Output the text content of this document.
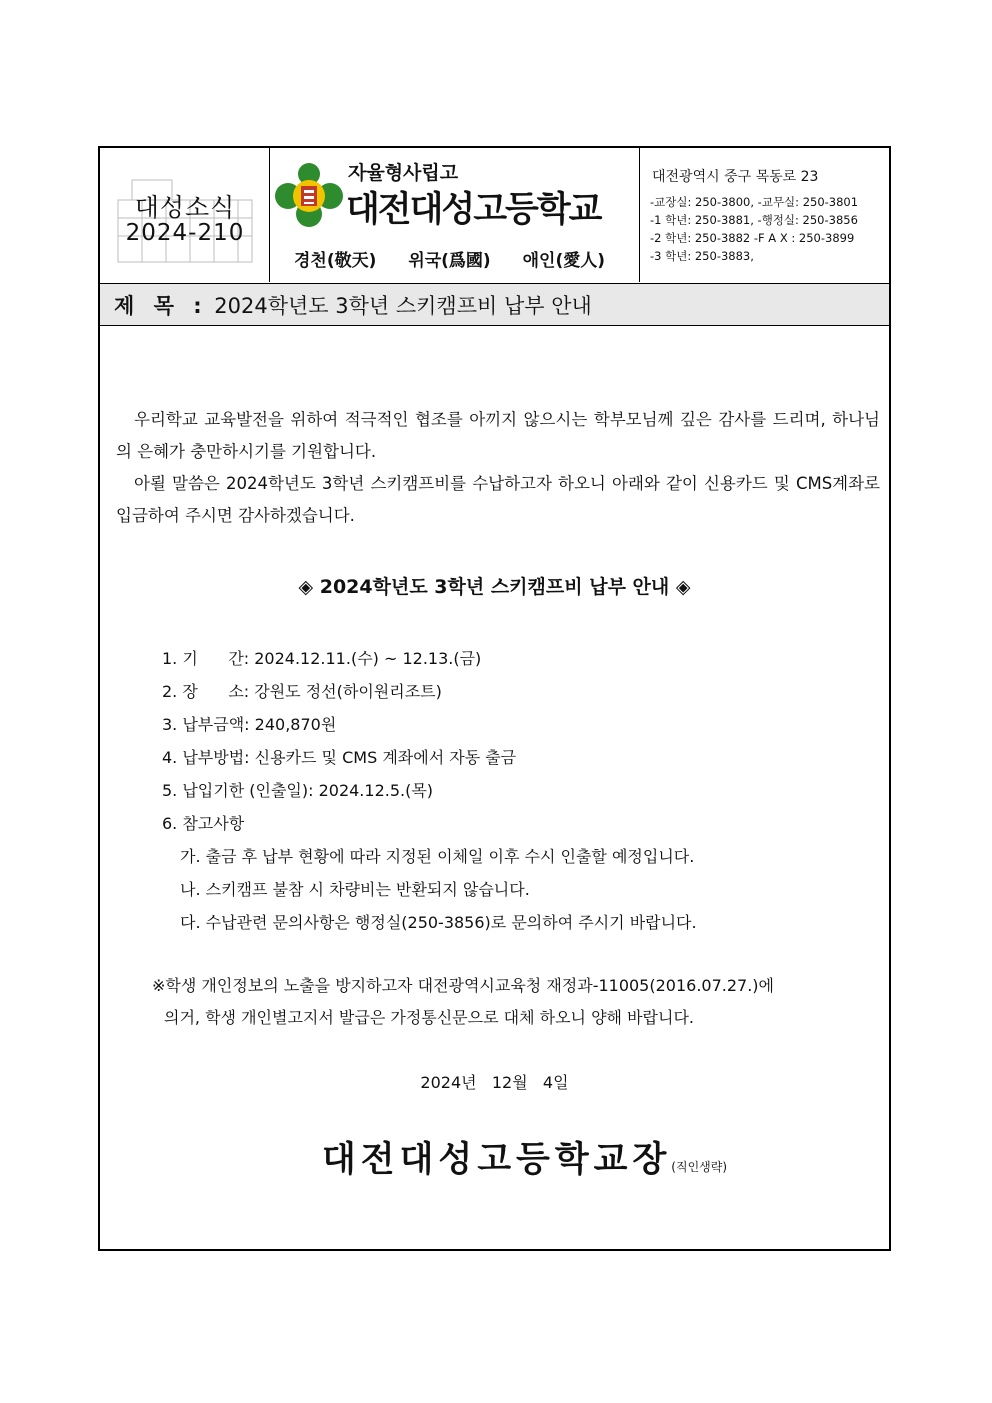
대성소식
2024-210
자율형사립고
대전대성고등학교
경천(敬天) 위국(爲國) 애인(愛人)
대전광역시 중구 목동로 23
-교장실: 250-3800, -교무실: 250-3801
-1 학년: 250-3881, -행정실: 250-3856
-2 학년: 250-3882 -F A X : 250-3899
-3 학년: 250-3883,
제 목 : 2024학년도 3학년 스키캠프비 납부 안내
우리학교 교육발전을 위하여 적극적인 협조를 아끼지 않으시는 학부모님께 깊은 감사를 드리며, 하나님의 은혜가 충만하시기를 기원합니다.
아뢸 말씀은 2024학년도 3학년 스키캠프비를 수납하고자 하오니 아래와 같이 신용카드 및 CMS계좌로 입금하여 주시면 감사하겠습니다.
◈ 2024학년도 3학년 스키캠프비 납부 안내 ◈
1. 기      간: 2024.12.11.(수) ~ 12.13.(금)
2. 장      소: 강원도 정선(하이원리조트)
3. 납부금액: 240,870원
4. 납부방법: 신용카드 및 CMS 계좌에서 자동 출금
5. 납입기한 (인출일): 2024.12.5.(목)
6. 참고사항
가. 출금 후 납부 현황에 따라 지정된 이체일 이후 수시 인출할 예정입니다.
나. 스키캠프 불참 시 차량비는 반환되지 않습니다.
다. 수납관련 문의사항은 행정실(250-3856)로 문의하여 주시기 바랍니다.
※학생 개인정보의 노출을 방지하고자 대전광역시교육청 재정과-11005(2016.07.27.)에
의거, 학생 개인별고지서 발급은 가정통신문으로 대체 하오니 양해 바랍니다.
2024년   12월   4일
대전대성고등학교장(직인생략)
